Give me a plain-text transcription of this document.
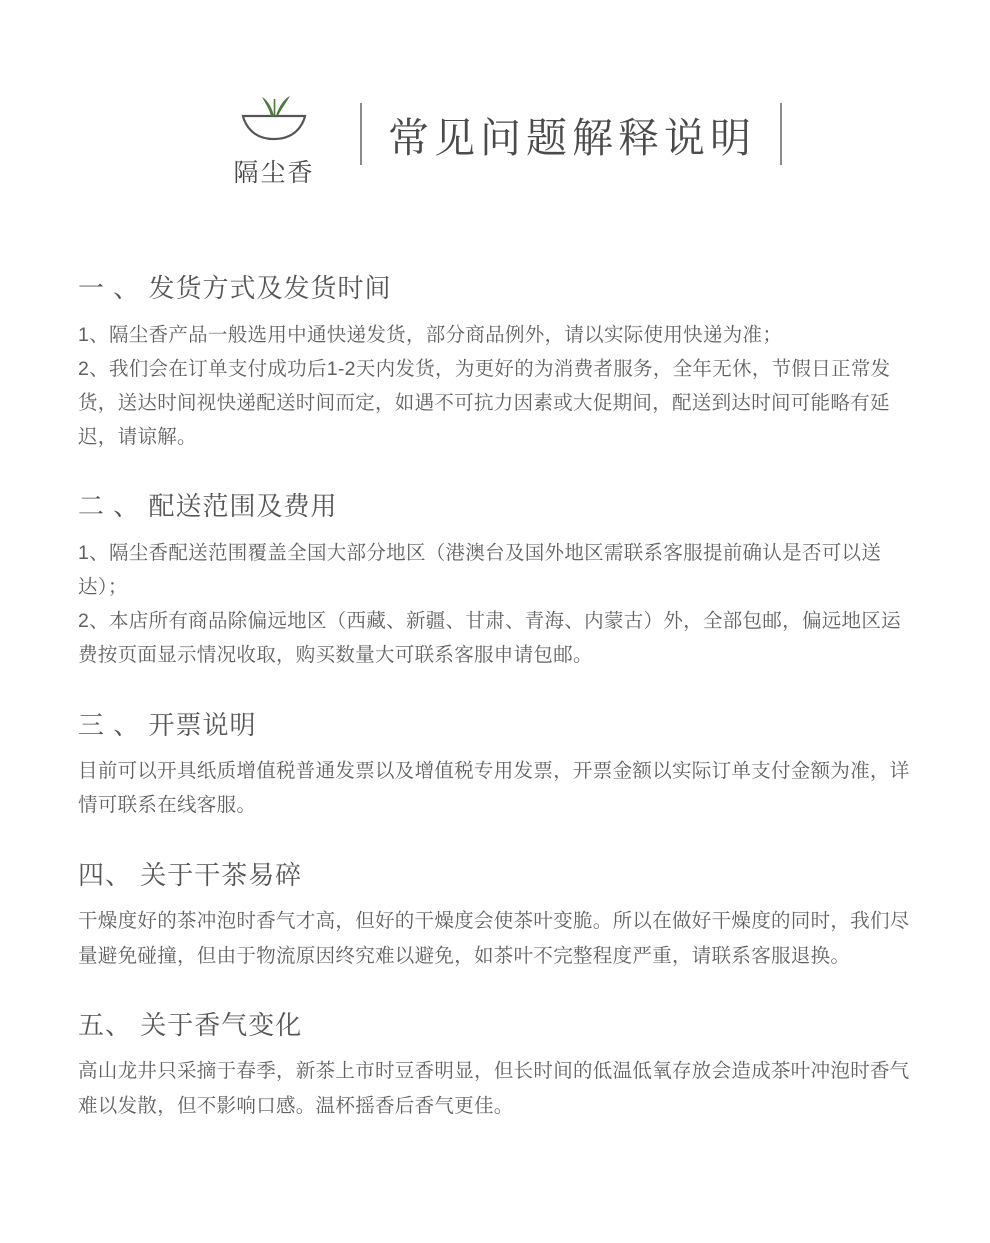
隔尘香
常见问题解释说明
一 、 发货方式及发货时间

1、隔尘香产品一般选用中通快递发货，部分商品例外，请以实际使用快递为准；

2、我们会在订单支付成功后1-2天内发货，为更好的为消费者服务，全年无休，节假日正常发货，送达时间视快递配送时间而定，如遇不可抗力因素或大促期间，配送到达时间可能略有延迟，请谅解。

二 、 配送范围及费用

1、隔尘香配送范围覆盖全国大部分地区（港澳台及国外地区需联系客服提前确认是否可以送达）；

2、本店所有商品除偏远地区（西藏、新疆、甘肃、青海、内蒙古）外，全部包邮，偏远地区运费按页面显示情况收取，购买数量大可联系客服申请包邮。

三 、 开票说明

目前可以开具纸质增值税普通发票以及增值税专用发票，开票金额以实际订单支付金额为准，详情可联系在线客服。

四、 关于干茶易碎

干燥度好的茶冲泡时香气才高，但好的干燥度会使茶叶变脆。所以在做好干燥度的同时，我们尽量避免碰撞，但由于物流原因终究难以避免，如茶叶不完整程度严重，请联系客服退换。

五、 关于香气变化

高山龙井只采摘于春季，新茶上市时豆香明显，但长时间的低温低氧存放会造成茶叶冲泡时香气难以发散，但不影响口感。温杯摇香后香气更佳。
